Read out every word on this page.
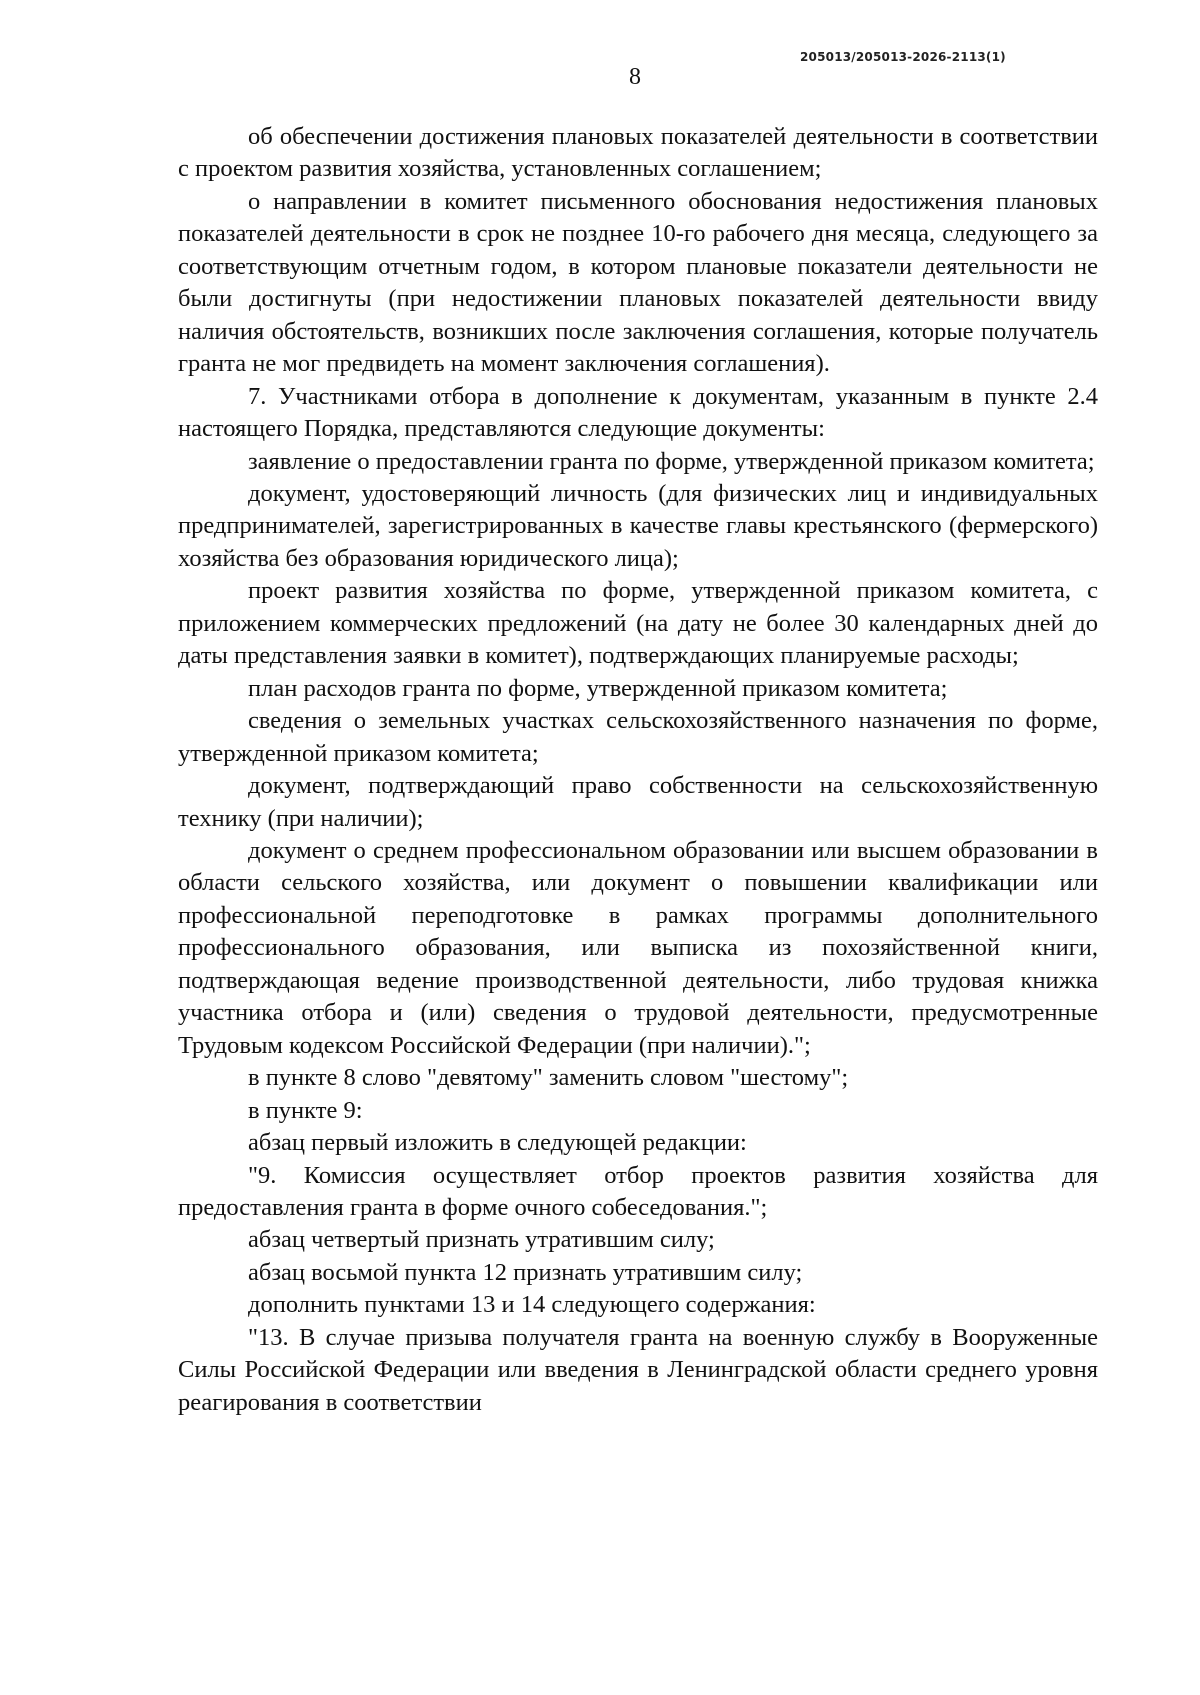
205013/205013-2026-2113(1)
8

об обеспечении достижения плановых показателей деятельности в соответствии с проектом развития хозяйства, установленных соглашением;

о направлении в комитет письменного обоснования недостижения плановых показателей деятельности в срок не позднее 10-го рабочего дня месяца, следующего за соответствующим отчетным годом, в котором плановые показатели деятельности не были достигнуты (при недостижении плановых показателей деятельности ввиду наличия обстоятельств, возникших после заключения соглашения, которые получатель гранта не мог предвидеть на момент заключения соглашения).

7. Участниками отбора в дополнение к документам, указанным в пункте 2.4 настоящего Порядка, представляются следующие документы:

заявление о предоставлении гранта по форме, утвержденной приказом комитета;

документ, удостоверяющий личность (для физических лиц и индивидуальных предпринимателей, зарегистрированных в качестве главы крестьянского (фермерского) хозяйства без образования юридического лица);

проект развития хозяйства по форме, утвержденной приказом комитета, с приложением коммерческих предложений (на дату не более 30 календарных дней до даты представления заявки в комитет), подтверждающих планируемые расходы;

план расходов гранта по форме, утвержденной приказом комитета;

сведения о земельных участках сельскохозяйственного назначения по форме, утвержденной приказом комитета;

документ, подтверждающий право собственности на сельскохозяйственную технику (при наличии);

документ о среднем профессиональном образовании или высшем образовании в области сельского хозяйства, или документ о повышении квалификации или профессиональной переподготовке в рамках программы дополнительного профессионального образования, или выписка из похозяйственной книги, подтверждающая ведение производственной деятельности, либо трудовая книжка участника отбора и (или) сведения о трудовой деятельности, предусмотренные Трудовым кодексом Российской Федерации (при наличии).";

в пункте 8 слово "девятому" заменить словом "шестому";

в пункте 9:

абзац первый изложить в следующей редакции:

"9. Комиссия осуществляет отбор проектов развития хозяйства для предоставления гранта в форме очного собеседования.";

абзац четвертый признать утратившим силу;

абзац восьмой пункта 12 признать утратившим силу;

дополнить пунктами 13 и 14 следующего содержания:

"13. В случае призыва получателя гранта на военную службу в Вооруженные Силы Российской Федерации или введения в Ленинградской области среднего уровня реагирования в соответствии
